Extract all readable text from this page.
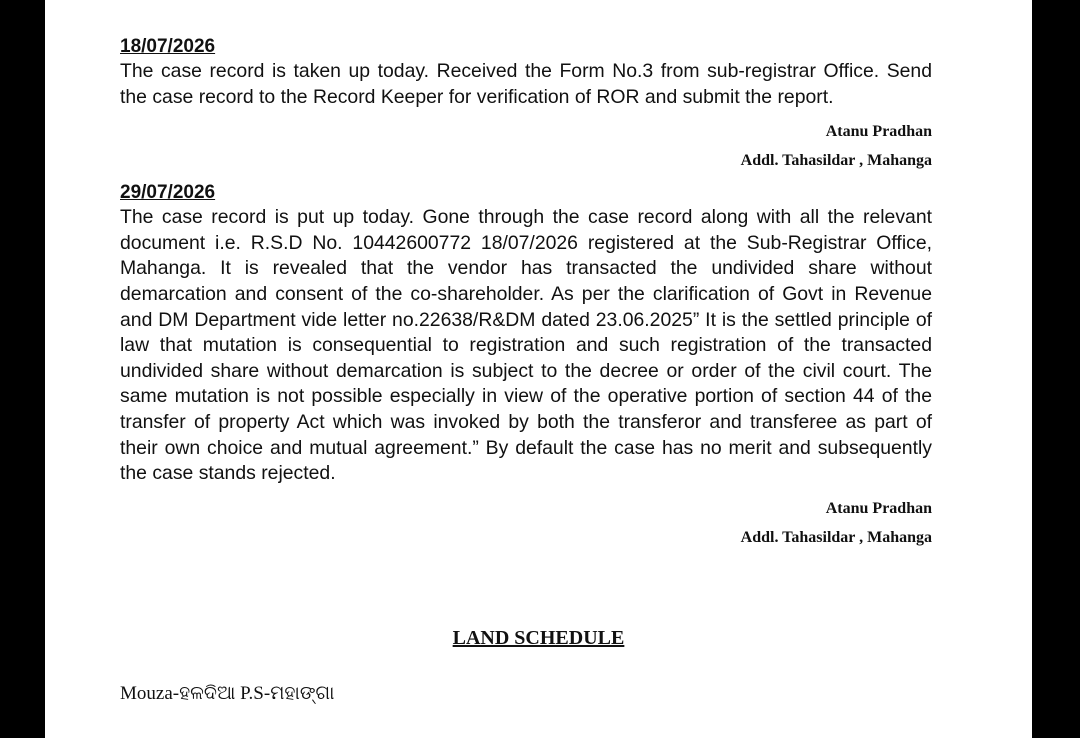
18/07/2026

The case record is taken up today. Received the Form No.3 from sub-registrar Office. Send the case record to the Record Keeper for verification of ROR and submit the report.

Atanu Pradhan

Addl. Tahasildar , Mahanga

29/07/2026

The case record is put up today. Gone through the case record along with all the relevant document i.e. R.S.D No. 10442600772 18/07/2026 registered at the Sub-Registrar Office, Mahanga. It is revealed that the vendor has transacted the undivided share without demarcation and consent of the co-shareholder. As per the clarification of Govt in Revenue and DM Department vide letter no.22638/R&DM dated 23.06.2025” It is the settled principle of law that mutation is consequential to registration and such registration of the transacted undivided share without demarcation is subject to the decree or order of the civil court. The same mutation is not possible especially in view of the operative portion of section 44 of the transfer of property Act which was invoked by both the transferor and transferee as part of their own choice and mutual agreement.” By default the case has no merit and subsequently the case stands rejected.

Atanu Pradhan

Addl. Tahasildar , Mahanga

LAND SCHEDULE

Mouza-ହଳଦିଆ P.S-ମହାଙ୍ଗା
